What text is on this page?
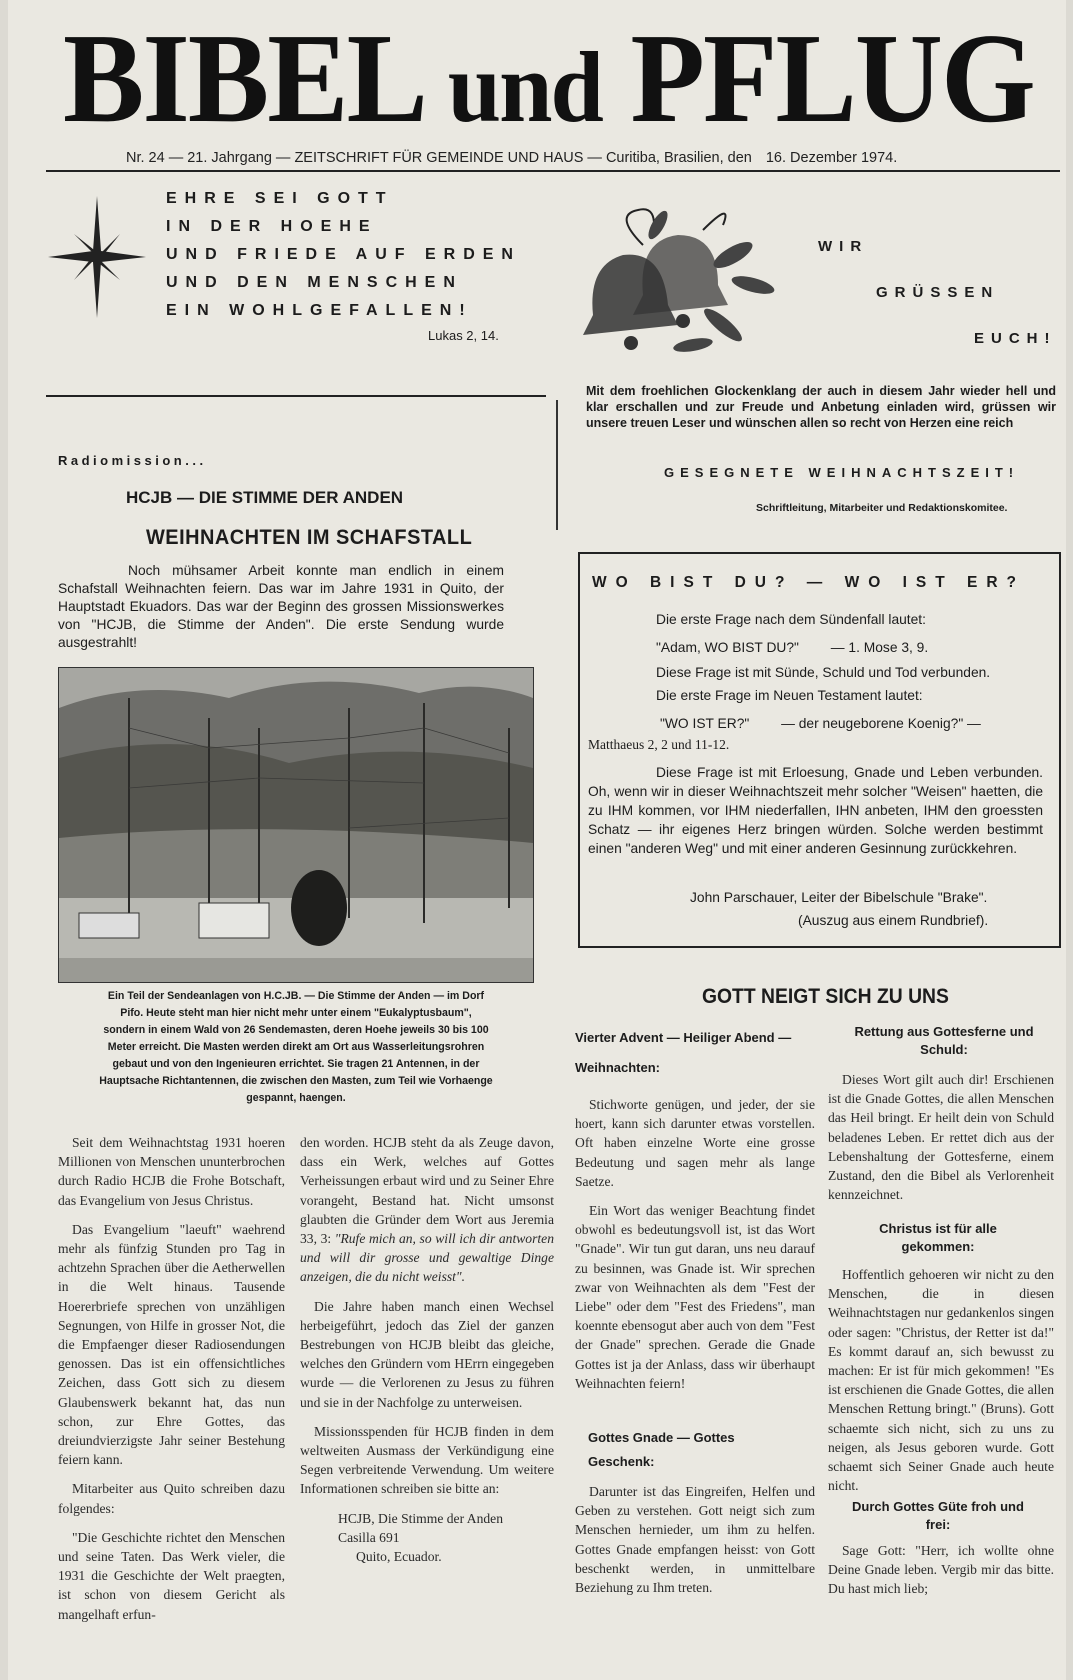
BIBEL und PFLUG
Nr. 24 — 21. Jahrgang — ZEITSCHRIFT FÜR GEMEINDE UND HAUS — Curitiba, Brasilien, den 16. Dezember 1974.
EHRE SEI GOTT
IN DER HOEHE
UND FRIEDE AUF ERDEN
UND DEN MENSCHEN
EIN WOHLGEFALLEN!
Lukas 2, 14.
WIR
GRÜSSEN
EUCH!
Mit dem froehlichen Glockenklang der auch in diesem Jahr wieder hell und klar erschallen und zur Freude und Anbetung einladen wird, grüssen wir unsere treuen Leser und wünschen allen so recht von Herzen eine reich
GESEGNETE WEIHNACHTSZEIT!
Schriftleitung, Mitarbeiter und Redaktionskomitee.
Radiomission...
HCJB — DIE STIMME DER ANDEN
WEIHNACHTEN IM SCHAFSTALL
Noch mühsamer Arbeit konnte man endlich in einem Schafstall Weihnachten feiern. Das war im Jahre 1931 in Quito, der Hauptstadt Ekuadors. Das war der Beginn des grossen Missionswerkes von "HCJB, die Stimme der Anden". Die erste Sendung wurde ausgestrahlt!
Ein Teil der Sendeanlagen von H.C.JB. — Die Stimme der Anden — im Dorf Pifo. Heute steht man hier nicht mehr unter einem "Eukalyptusbaum", sondern in einem Wald von 26 Sendemasten, deren Hoehe jeweils 30 bis 100 Meter erreicht. Die Masten werden direkt am Ort aus Wasserleitungsrohren gebaut und von den Ingenieuren errichtet. Sie tragen 21 Antennen, in der Hauptsache Richtantennen, die zwischen den Masten, zum Teil wie Vorhaenge gespannt, haengen.

Seit dem Weihnachtstag 1931 hoeren Millionen von Menschen ununterbrochen durch Radio HCJB die Frohe Botschaft, das Evangelium von Jesus Christus.

Das Evangelium "laeuft" waehrend mehr als fünfzig Stunden pro Tag in achtzehn Sprachen über die Aetherwellen in die Welt hinaus. Tausende Hoererbriefe sprechen von unzähligen Segnungen, von Hilfe in grosser Not, die die Empfaenger dieser Radiosendungen genossen. Das ist ein offensichtliches Zeichen, dass Gott sich zu diesem Glaubenswerk bekannt hat, das nun schon, zur Ehre Gottes, das dreiundvierzigste Jahr seiner Bestehung feiern kann.

Mitarbeiter aus Quito schreiben dazu folgendes:

"Die Geschichte richtet den Menschen und seine Taten. Das Werk vieler, die 1931 die Geschichte der Welt praegten, ist schon von diesem Gericht als mangelhaft erfun-

den worden. HCJB steht da als Zeuge davon, dass ein Werk, welches auf Gottes Verheissungen erbaut wird und zu Seiner Ehre vorangeht, Bestand hat. Nicht umsonst glaubten die Gründer dem Wort aus Jeremia 33, 3: "Rufe mich an, so will ich dir antworten und will dir grosse und gewaltige Dinge anzeigen, die du nicht weisst".

Die Jahre haben manch einen Wechsel herbeigeführt, jedoch das Ziel der ganzen Bestrebungen von HCJB bleibt das gleiche, welches den Gründern vom HErrn eingegeben wurde — die Verlorenen zu Jesus zu führen und sie in der Nachfolge zu unterweisen.

Missionsspenden für HCJB finden in dem weltweiten Ausmass der Verkündigung eine Segen verbreitende Verwendung. Um weitere Informationen schreiben sie bitte an:

HCJB, Die Stimme der Anden
Casilla 691
Quito, Ecuador.
WO BIST DU? — WO IST ER?
Die erste Frage nach dem Sündenfall lautet:
"Adam, WO BIST DU?" — 1. Mose 3, 9.
Diese Frage ist mit Sünde, Schuld und Tod verbunden.
Die erste Frage im Neuen Testament lautet:
"WO IST ER?" — der neugeborene Koenig?" —
Matthaeus 2, 2 und 11-12.
Diese Frage ist mit Erloesung, Gnade und Leben verbunden. Oh, wenn wir in dieser Weihnachtszeit mehr solcher "Weisen" haetten, die zu IHM kommen, vor IHM niederfallen, IHN anbeten, IHM den groessten Schatz — ihr eigenes Herz bringen würden. Solche werden bestimmt einen "anderen Weg" und mit einer anderen Gesinnung zurückkehren.
John Parschauer, Leiter der Bibelschule "Brake".
(Auszug aus einem Rundbrief).
GOTT NEIGT SICH ZU UNS
Vierter Advent — Heiliger Abend — Weihnachten:

Stichworte genügen, und jeder, der sie hoert, kann sich darunter etwas vorstellen. Oft haben einzelne Worte eine grosse Bedeutung und sagen mehr als lange Saetze.

Ein Wort das weniger Beachtung findet obwohl es bedeutungsvoll ist, ist das Wort "Gnade". Wir tun gut daran, uns neu darauf zu besinnen, was Gnade ist. Wir sprechen zwar von Weihnachten als dem "Fest der Liebe" oder dem "Fest des Friedens", man koennte ebensogut aber auch von dem "Fest der Gnade" sprechen. Gerade die Gnade Gottes ist ja der Anlass, dass wir überhaupt Weihnachten feiern!

Gottes Gnade — Gottes Geschenk:

Darunter ist das Eingreifen, Helfen und Geben zu verstehen. Gott neigt sich zum Menschen hernieder, um ihm zu helfen. Gottes Gnade empfangen heisst: von Gott beschenkt werden, in unmittelbare Beziehung zu Ihm treten.

Rettung aus Gottesferne und Schuld:

Dieses Wort gilt auch dir! Erschienen ist die Gnade Gottes, die allen Menschen das Heil bringt. Er heilt dein von Schuld beladenes Leben. Er rettet dich aus der Lebenshaltung der Gottesferne, einem Zustand, den die Bibel als Verlorenheit kennzeichnet.

Christus ist für alle gekommen:

Hoffentlich gehoeren wir nicht zu den Menschen, die in diesen Weihnachtstagen nur gedankenlos singen oder sagen: "Christus, der Retter ist da!" Es kommt darauf an, sich bewusst zu machen: Er ist für mich gekommen! "Es ist erschienen die Gnade Gottes, die allen Menschen Rettung bringt." (Bruns). Gott schaemte sich nicht, sich zu uns zu neigen, als Jesus geboren wurde. Gott schaemt sich Seiner Gnade auch heute nicht.

Durch Gottes Güte froh und frei:

Sage Gott: "Herr, ich wollte ohne Deine Gnade leben. Vergib mir das bitte. Du hast mich lieb;
